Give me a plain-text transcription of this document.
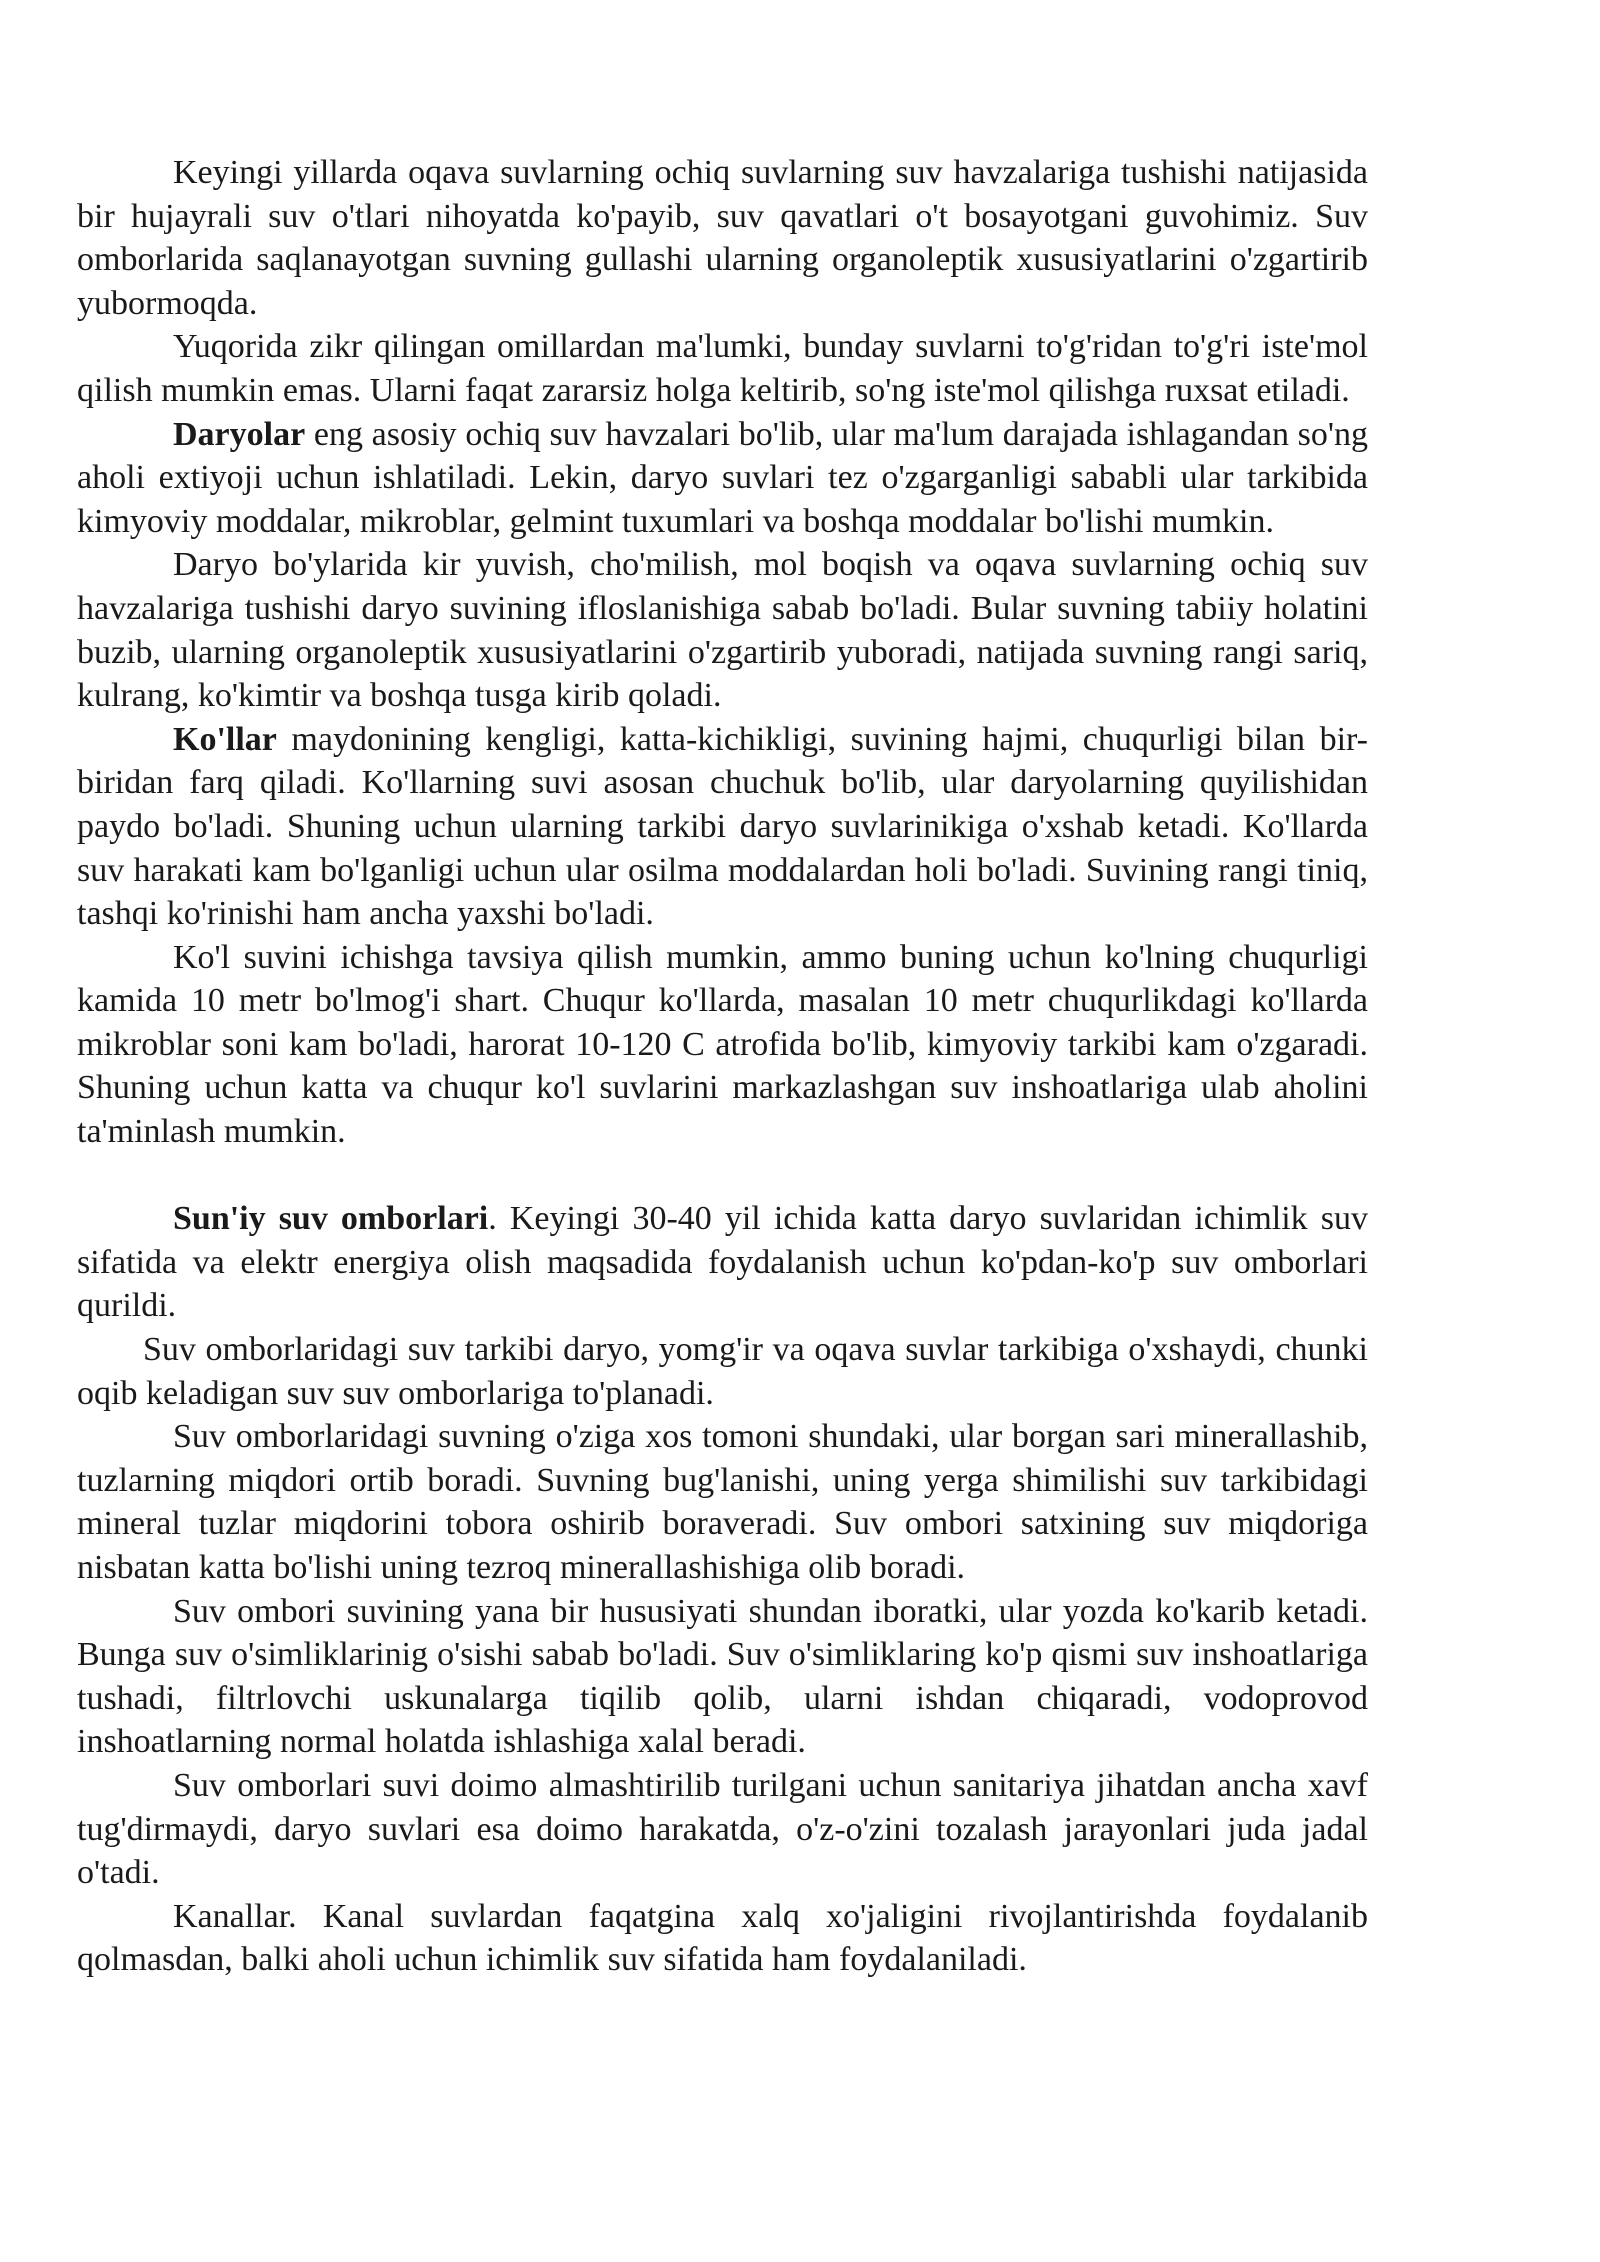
Keyingi yillarda oqava suvlarning ochiq suvlarning suv havzalariga tushishi natijasida bir hujayrali suv o'tlari nihoyatda ko'payib, suv qavatlari o't bosayotgani guvohimiz. Suv omborlarida saqlanayotgan suvning gullashi ularning organoleptik xususiyatlarini o'zgartirib yubormoqda.

Yuqorida zikr qilingan omillardan ma'lumki, bunday suvlarni to'g'ridan to'g'ri iste'mol qilish mumkin emas. Ularni faqat zararsiz holga keltirib, so'ng iste'mol qilishga ruxsat etiladi.

Daryolar eng asosiy ochiq suv havzalari bo'lib, ular ma'lum darajada ishlagandan so'ng aholi extiyoji uchun ishlatiladi. Lekin, daryo suvlari tez o'zgarganligi sababli ular tarkibida kimyoviy moddalar, mikroblar, gelmint tuxumlari va boshqa moddalar bo'lishi mumkin.

Daryo bo'ylarida kir yuvish, cho'milish, mol boqish va oqava suvlarning ochiq suv havzalariga tushishi daryo suvining ifloslanishiga sabab bo'ladi. Bular suvning tabiiy holatini buzib, ularning organoleptik xususiyatlarini o'zgartirib yuboradi, natijada suvning rangi sariq, kulrang, ko'kimtir va boshqa tusga kirib qoladi.

Ko'llar maydonining kengligi, katta-kichikligi, suvining hajmi, chuqurligi bilan bir-biridan farq qiladi. Ko'llarning suvi asosan chuchuk bo'lib, ular daryolarning quyilishidan paydo bo'ladi. Shuning uchun ularning tarkibi daryo suvlarinikiga o'xshab ketadi. Ko'llarda suv harakati kam bo'lganligi uchun ular osilma moddalardan holi bo'ladi. Suvining rangi tiniq, tashqi ko'rinishi ham ancha yaxshi bo'ladi.

Ko'l suvini ichishga tavsiya qilish mumkin, ammo buning uchun ko'lning chuqurligi kamida 10 metr bo'lmog'i shart. Chuqur ko'llarda, masalan 10 metr chuqurlikdagi ko'llarda mikroblar soni kam bo'ladi, harorat 10-120 C atrofida bo'lib, kimyoviy tarkibi kam o'zgaradi. Shuning uchun katta va chuqur ko'l suvlarini markazlashgan suv inshoatlariga ulab aholini ta'minlash mumkin.

Sun'iy suv omborlari. Keyingi 30-40 yil ichida katta daryo suvlaridan ichimlik suv sifatida va elektr energiya olish maqsadida foydalanish uchun ko'pdan-ko'p suv omborlari qurildi.

Suv omborlaridagi suv tarkibi daryo, yomg'ir va oqava suvlar tarkibiga o'xshaydi, chunki oqib keladigan suv suv omborlariga to'planadi.

Suv omborlaridagi suvning o'ziga xos tomoni shundaki, ular borgan sari minerallashib, tuzlarning miqdori ortib boradi. Suvning bug'lanishi, uning yerga shimilishi suv tarkibidagi mineral tuzlar miqdorini tobora oshirib boraveradi. Suv ombori satxining suv miqdoriga nisbatan katta bo'lishi uning tezroq minerallashishiga olib boradi.

Suv ombori suvining yana bir hususiyati shundan iboratki, ular yozda ko'karib ketadi. Bunga suv o'simliklarinig o'sishi sabab bo'ladi. Suv o'simliklaring ko'p qismi suv inshoatlariga tushadi, filtrlovchi uskunalarga tiqilib qolib, ularni ishdan chiqaradi, vodoprovod inshoatlarning normal holatda ishlashiga xalal beradi.

Suv omborlari suvi doimo almashtirilib turilgani uchun sanitariya jihatdan ancha xavf tug'dirmaydi, daryo suvlari esa doimo harakatda, o'z-o'zini tozalash jarayonlari juda jadal o'tadi.

Kanallar. Kanal suvlardan faqatgina xalq xo'jaligini rivojlantirishda foydalanib qolmasdan, balki aholi uchun ichimlik suv sifatida ham foydalaniladi.
